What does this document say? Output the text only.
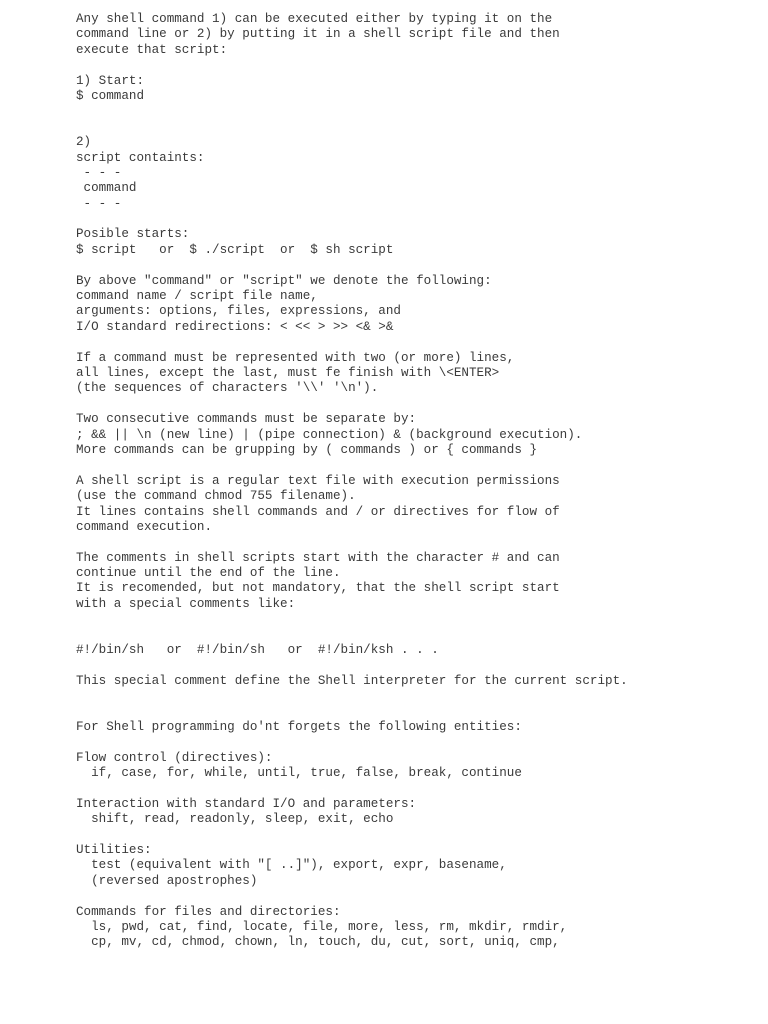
Any shell command 1) can be executed either by typing it on the
command line or 2) by putting it in a shell script file and then
execute that script:
1) Start:
$ command
2)
script containts:
- - -
command
- - -
Posible starts:
$ script   or  $ ./script  or  $ sh script
By above "command" or "script" we denote the following:
command name / script file name,
arguments: options, files, expressions, and
I/O standard redirections: < << > >> <& >&
If a command must be represented with two (or more) lines,
all lines, except the last, must fe finish with \<ENTER>
(the sequences of characters '\\' '\n').
Two consecutive commands must be separate by:
; && || \n (new line) | (pipe connection) & (background execution).
More commands can be grupping by ( commands ) or { commands }
A shell script is a regular text file with execution permissions
(use the command chmod 755 filename).
It lines contains shell commands and / or directives for flow of
command execution.
The comments in shell scripts start with the character # and can
continue until the end of the line.
It is recomended, but not mandatory, that the shell script start
with a special comments like:
#!/bin/sh   or  #!/bin/sh   or  #!/bin/ksh . . .
This special comment define the Shell interpreter for the current script.
For Shell programming do'nt forgets the following entities:
Flow control (directives):
if, case, for, while, until, true, false, break, continue
Interaction with standard I/O and parameters:
shift, read, readonly, sleep, exit, echo
Utilities:
test (equivalent with "[ ..]"), export, expr, basename,
(reversed apostrophes)
Commands for files and directories:
ls, pwd, cat, find, locate, file, more, less, rm, mkdir, rmdir,
cp, mv, cd, chmod, chown, ln, touch, du, cut, sort, uniq, cmp,
